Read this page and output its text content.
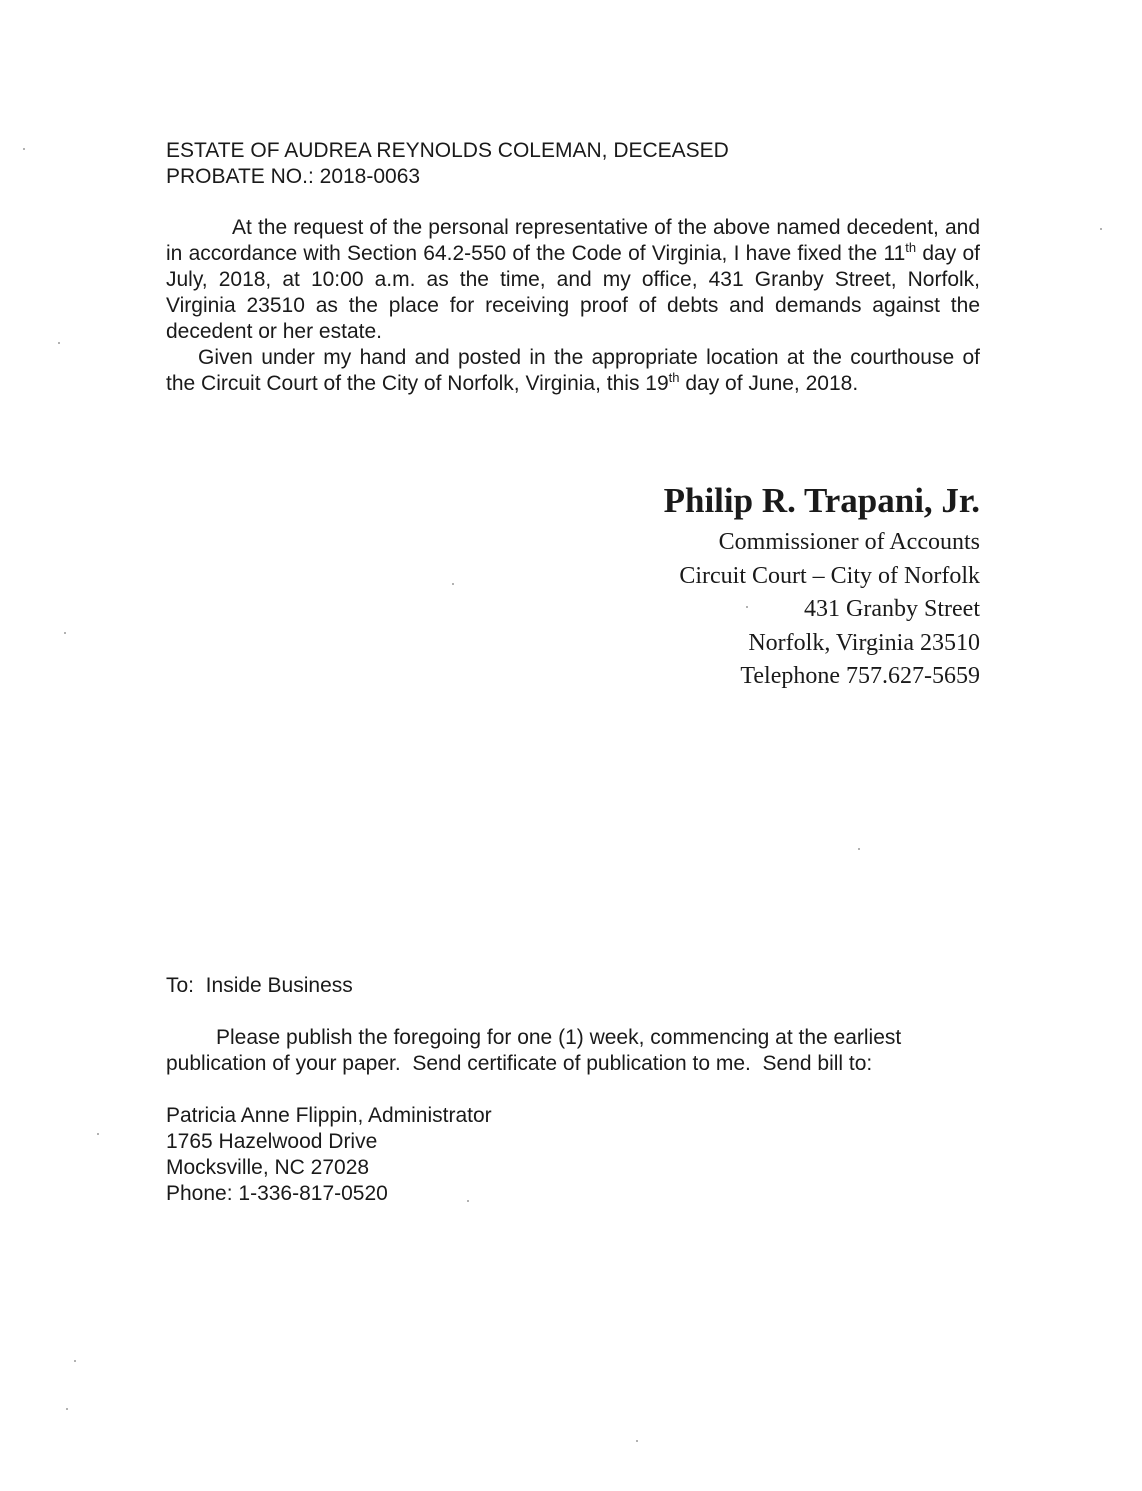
ESTATE OF AUDREA REYNOLDS COLEMAN, DECEASED
PROBATE NO.: 2018-0063

At the request of the personal representative of the above named decedent, and in accordance with Section 64.2-550 of the Code of Virginia, I have fixed the 11th day of July, 2018, at 10:00 a.m. as the time, and my office, 431 Granby Street, Norfolk, Virginia 23510 as the place for receiving proof of debts and demands against the decedent or her estate.

Given under my hand and posted in the appropriate location at the courthouse of the Circuit Court of the City of Norfolk, Virginia, this 19th day of June, 2018.

Philip R. Trapani, Jr.
Commissioner of Accounts
Circuit Court – City of Norfolk
431 Granby Street
Norfolk, Virginia 23510
Telephone 757.627-5659
To:  Inside Business
Please publish the foregoing for one (1) week, commencing at the earliest
publication of your paper.  Send certificate of publication to me.  Send bill to:
Patricia Anne Flippin, Administrator
1765 Hazelwood Drive
Mocksville, NC 27028
Phone: 1-336-817-0520
